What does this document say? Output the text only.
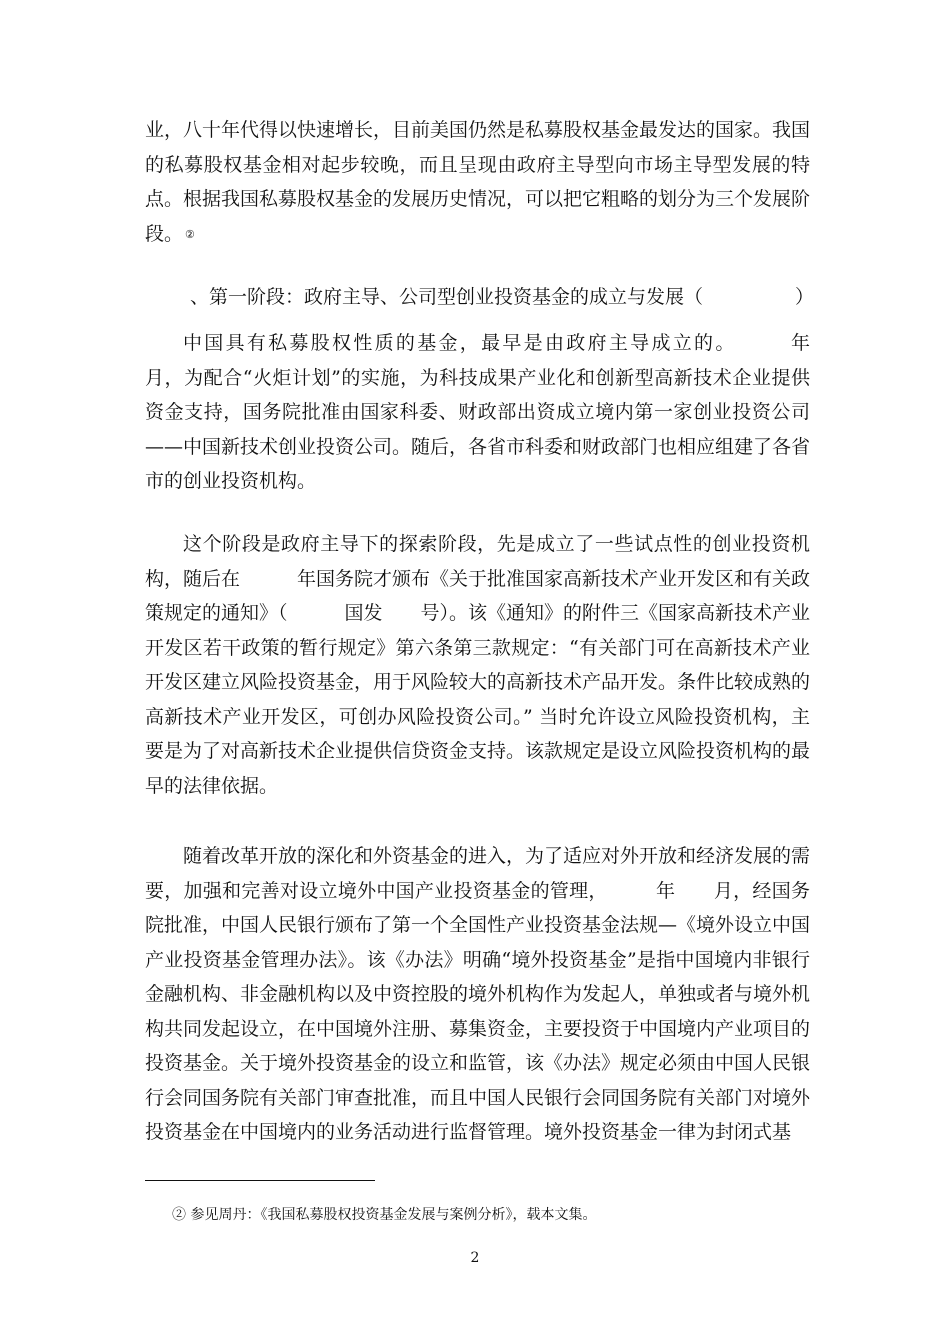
业，八十年代得以快速增长，目前美国仍然是私募股权基金最发达的国家。我国的私募股权基金相对起步较晚，而且呈现由政府主导型向市场主导型发展的特点。根据我国私募股权基金的发展历史情况，可以把它粗略的划分为三个发展阶段。 ②

、第一阶段：政府主导、公司型创业投资基金的成立与发展（	）

中国具有私募股权性质的基金，最早是由政府主导成立的。　　　年　　月，为配合“火炬计划”的实施，为科技成果产业化和创新型高新技术企业提供资金支持，国务院批准由国家科委、财政部出资成立境内第一家创业投资公司——中国新技术创业投资公司。随后，各省市科委和财政部门也相应组建了各省市的创业投资机构。

这个阶段是政府主导下的探索阶段，先是成立了一些试点性的创业投资机构，随后在　　　年国务院才颁布《关于批准国家高新技术产业开发区和有关政策规定的通知》（　　　国发　　号）。该《通知》的附件三《国家高新技术产业开发区若干政策的暂行规定》第六条第三款规定：“有关部门可在高新技术产业开发区建立风险投资基金，用于风险较大的高新技术产品开发。条件比较成熟的高新技术产业开发区，可创办风险投资公司。” 当时允许设立风险投资机构，主要是为了对高新技术企业提供信贷资金支持。该款规定是设立风险投资机构的最早的法律依据。

随着改革开放的深化和外资基金的进入，为了适应对外开放和经济发展的需要，加强和完善对设立境外中国产业投资基金的管理，　　　年　　月，经国务院批准，中国人民银行颁布了第一个全国性产业投资基金法规—《境外设立中国产业投资基金管理办法》。该《办法》明确“境外投资基金”是指中国境内非银行金融机构、非金融机构以及中资控股的境外机构作为发起人，单独或者与境外机构共同发起设立，在中国境外注册、募集资金，主要投资于中国境内产业项目的投资基金。关于境外投资基金的设立和监管，该《办法》规定必须由中国人民银行会同国务院有关部门审查批准，而且中国人民银行会同国务院有关部门对境外投资基金在中国境内的业务活动进行监督管理。境外投资基金一律为封闭式基

② 参见周丹：《我国私募股权投资基金发展与案例分析》，载本文集。

2
